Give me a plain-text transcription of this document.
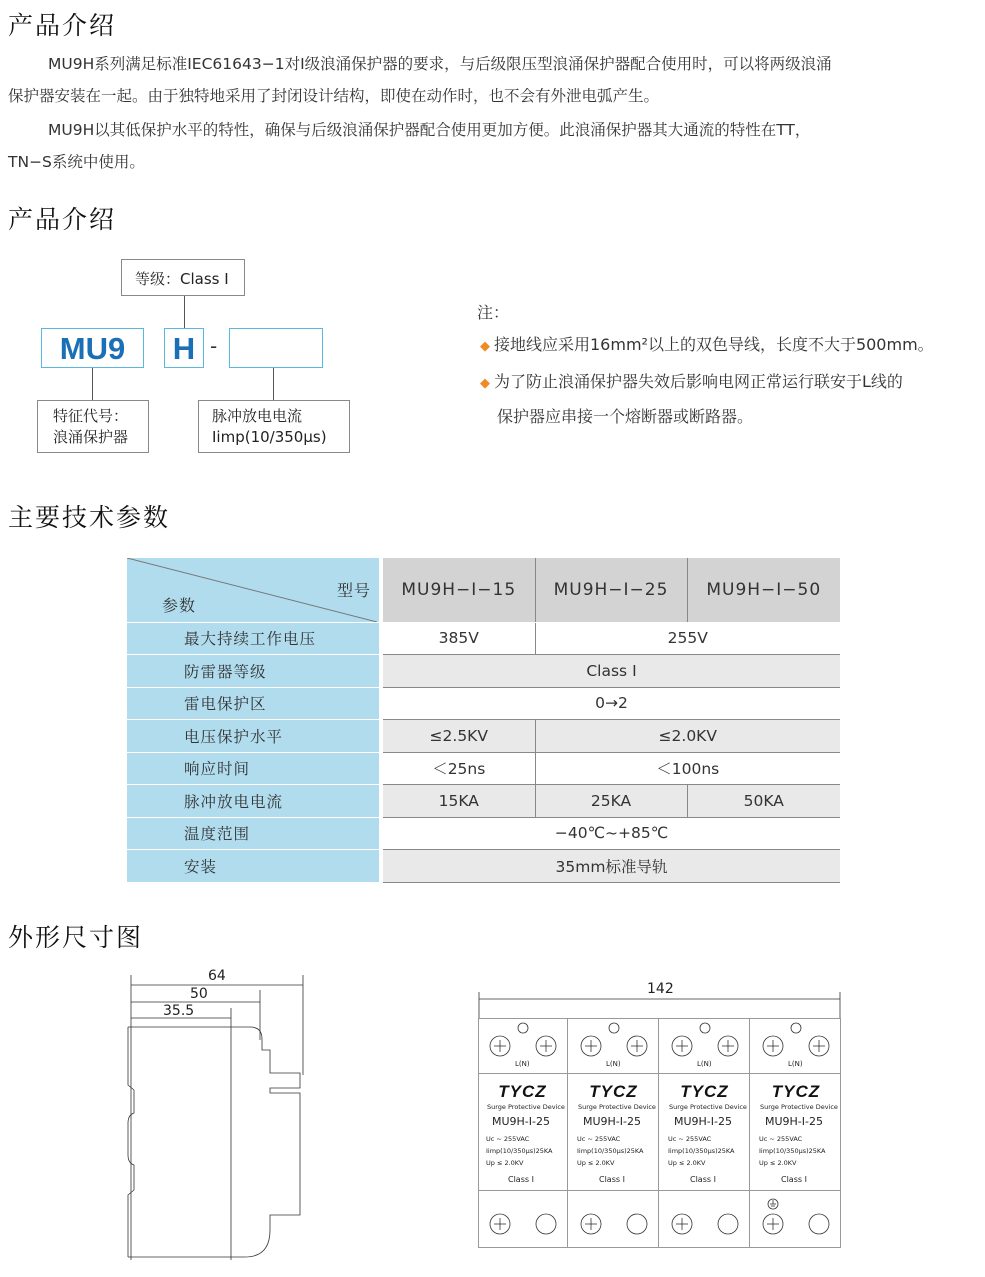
产品介绍
MU9H系列满足标准IEC61643−1对I级浪涌保护器的要求，与后级限压型浪涌保护器配合使用时，可以将两级浪涌
保护器安装在一起。由于独特地采用了封闭设计结构，即使在动作时，也不会有外泄电弧产生。
MU9H以其低保护水平的特性，确保与后级浪涌保护器配合使用更加方便。此浪涌保护器其大通流的特性在TT，
TN−S系统中使用。
产品介绍
等级：Class I
MU9	H -
特征代号：
浪涌保护器
脉冲放电电流
Iimp(10/350μs)
注：
◆ 接地线应采用16mm²以上的双色导线，长度不大于500mm。
◆ 为了防止浪涌保护器失效后影响电网正常运行联安于L线的
保护器应串接一个熔断器或断路器。
主要技术参数
型号
参数	MU9H−I−15	MU9H−I−25	MU9H−I−50
最大持续工作电压	385V	255V	
防雷器等级	Class I		
雷电保护区	0→2		
电压保护水平	≤2.5KV	≤2.0KV	
响应时间	＜25ns	＜100ns	
脉冲放电电流	15KA	25KA	50KA
温度范围	−40℃~+85℃		
安装	35mm标准导轨		
外形尺寸图
64
50
35.5
142
L(N)
TYCZ
Surge Protective Device
MU9H-I-25
Uc ~ 255VAC
Iimp(10/350μs)25KA
Up ≤ 2.0KV
Class I
L(N)
TYCZ
Surge Protective Device
MU9H-I-25
Uc ~ 255VAC
Iimp(10/350μs)25KA
Up ≤ 2.0KV
Class I
L(N)
TYCZ
Surge Protective Device
MU9H-I-25
Uc ~ 255VAC
Iimp(10/350μs)25KA
Up ≤ 2.0KV
Class I
L(N)
TYCZ
Surge Protective Device
MU9H-I-25
Uc ~ 255VAC
Iimp(10/350μs)25KA
Up ≤ 2.0KV
Class I
